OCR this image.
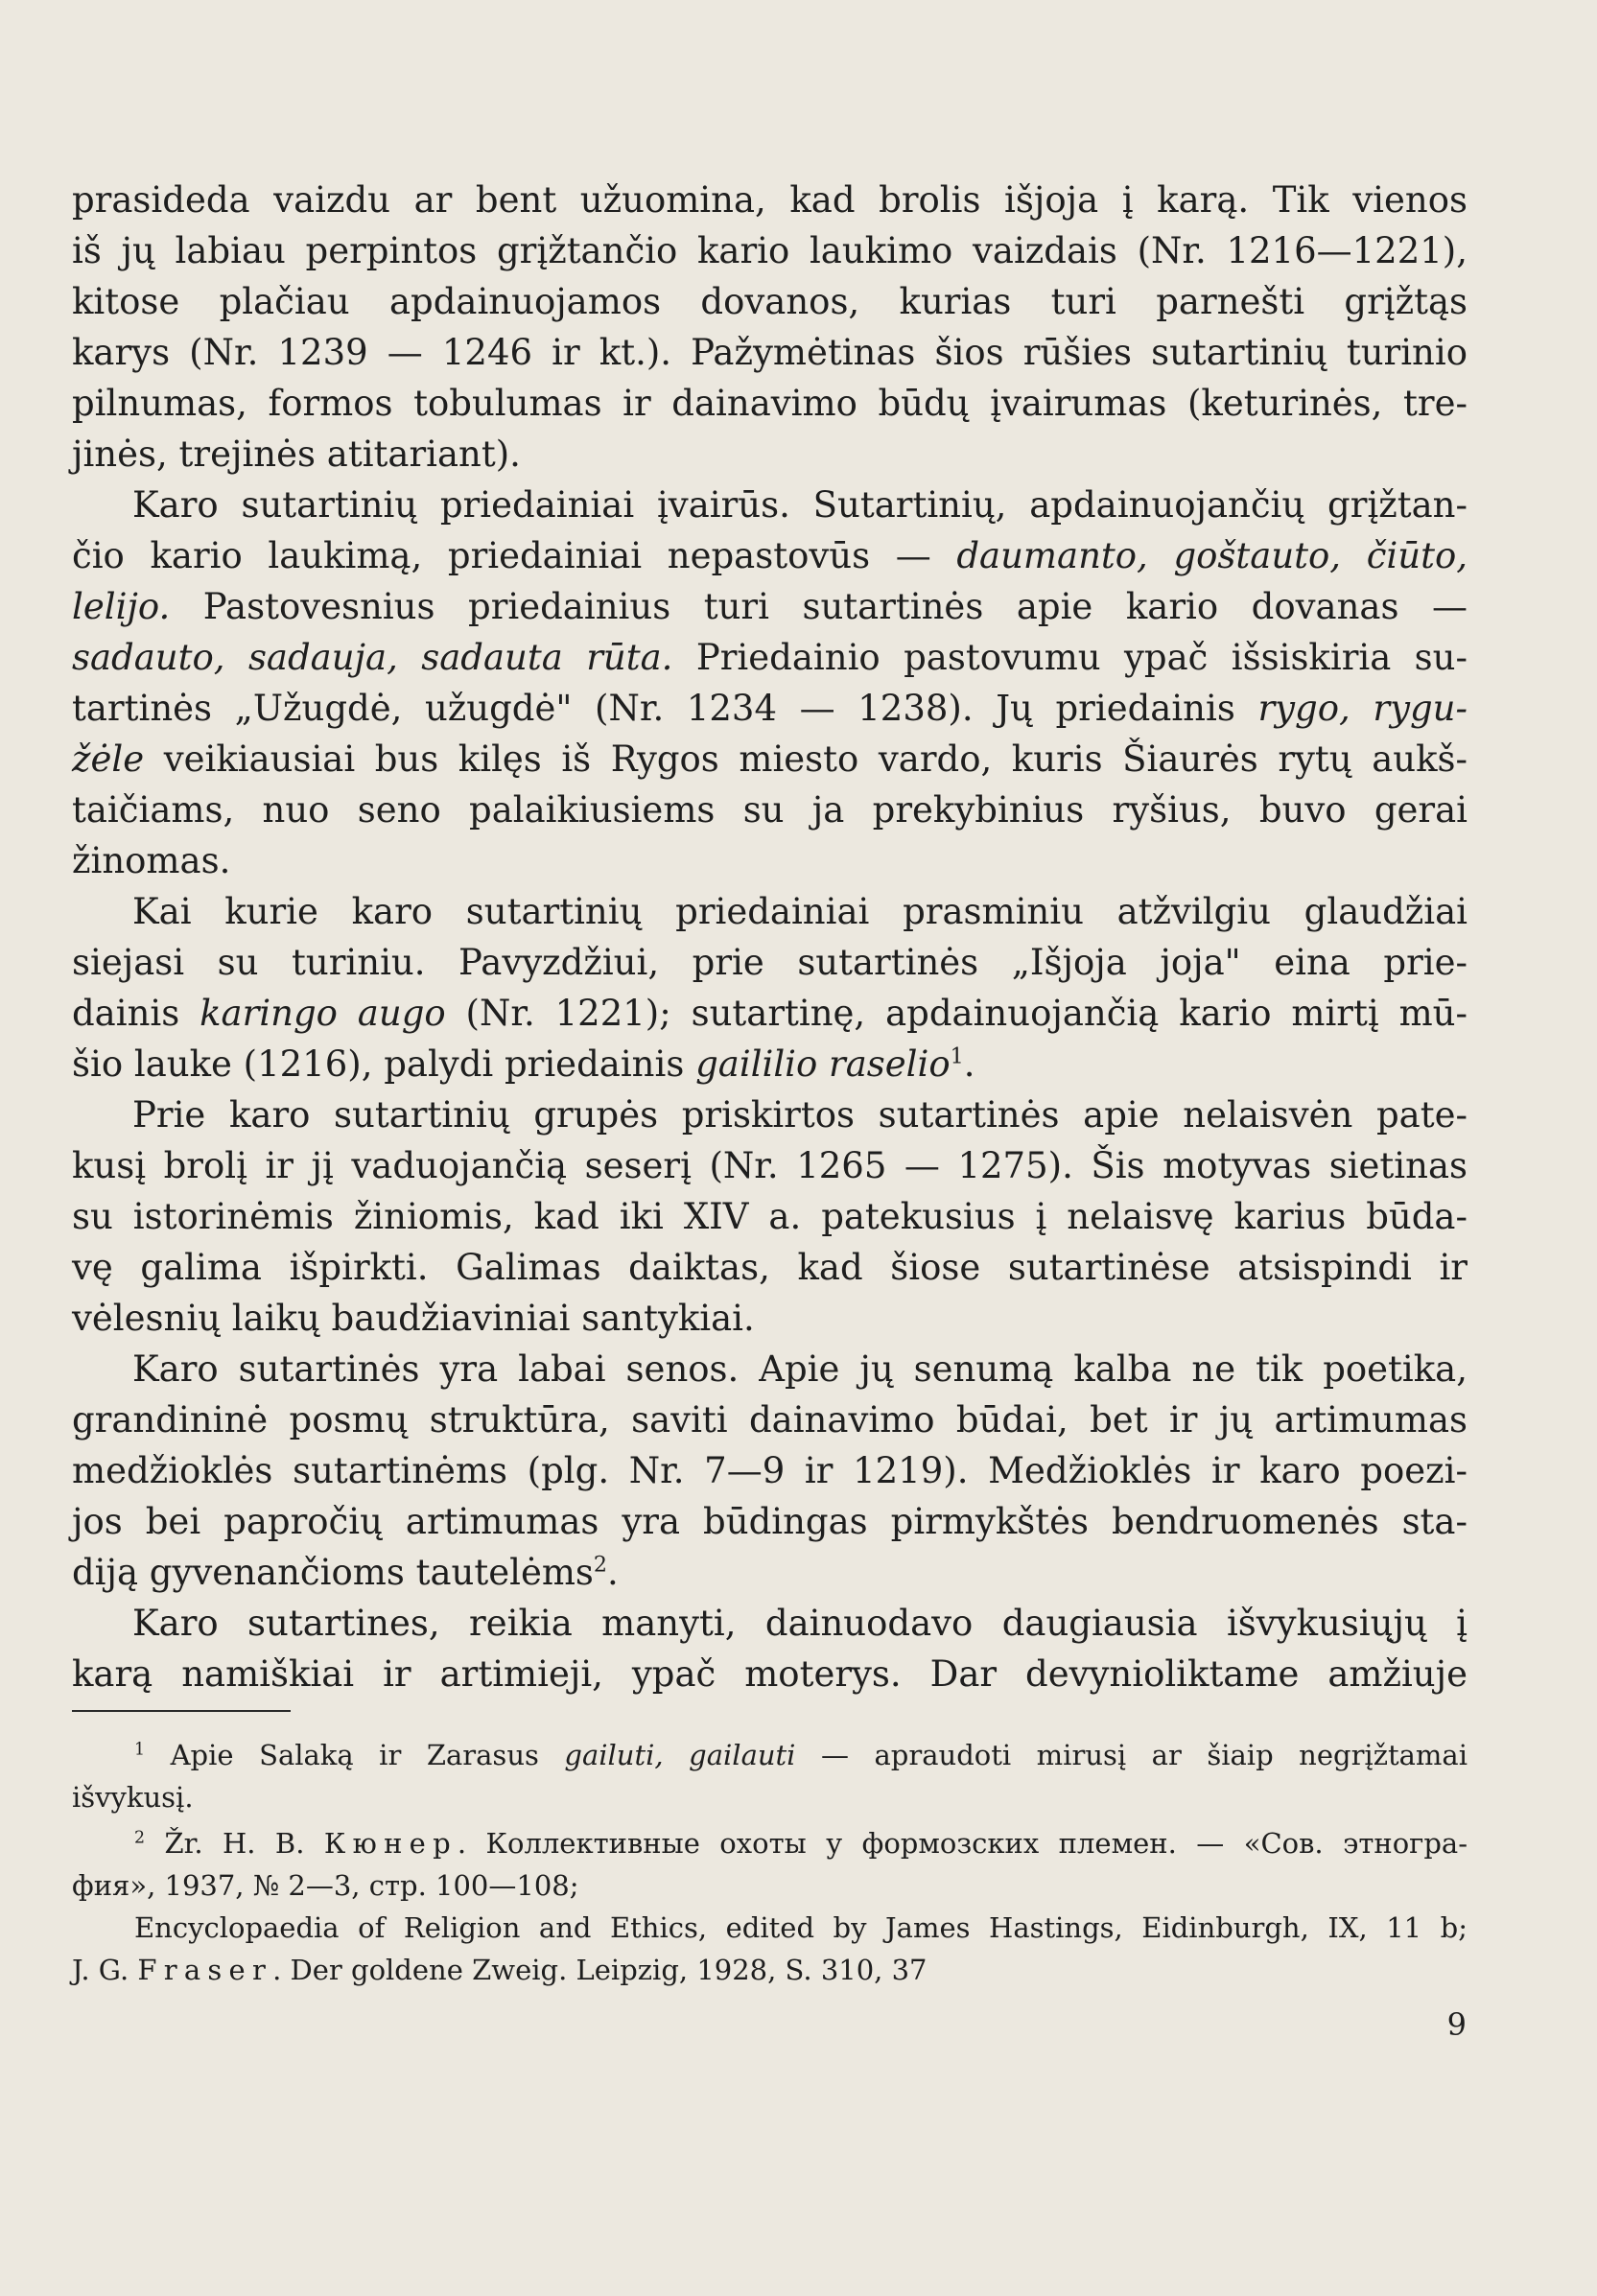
prasideda vaizdu ar bent užuomina, kad brolis išjoja į karą. Tik vienos
iš jų labiau perpintos grįžtančio kario laukimo vaizdais (Nr. 1216—1221),
kitose plačiau apdainuojamos dovanos, kurias turi parnešti grįžtąs
karys (Nr. 1239 — 1246 ir kt.). Pažymėtinas šios rūšies sutartinių turinio
pilnumas, formos tobulumas ir dainavimo būdų įvairumas (keturinės, tre-
jinės, trejinės atitariant).
Karo sutartinių priedainiai įvairūs. Sutartinių, apdainuojančių grįžtan-
čio kario laukimą, priedainiai nepastovūs — daumanto, goštauto, čiūto,
lelijo. Pastovesnius priedainius turi sutartinės apie kario dovanas —
sadauto, sadauja, sadauta rūta. Priedainio pastovumu ypač išsiskiria su-
tartinės „Užugdė, užugdė" (Nr. 1234 — 1238). Jų priedainis rygo, rygu-
žėle veikiausiai bus kilęs iš Rygos miesto vardo, kuris Šiaurės rytų aukš-
taičiams, nuo seno palaikiusiems su ja prekybinius ryšius, buvo gerai
žinomas.
Kai kurie karo sutartinių priedainiai prasminiu atžvilgiu glaudžiai
siejasi su turiniu. Pavyzdžiui, prie sutartinės „Išjoja joja" eina prie-
dainis karingo augo (Nr. 1221); sutartinę, apdainuojančią kario mirtį mū-
šio lauke (1216), palydi priedainis gaililio raselio$^1$.
Prie karo sutartinių grupės priskirtos sutartinės apie nelaisvėn pate-
kusį brolį ir jį vaduojančią seserį (Nr. 1265 — 1275). Šis motyvas sietinas
su istorinėmis žiniomis, kad iki XIV a. patekusius į nelaisvę karius būda-
vę galima išpirkti. Galimas daiktas, kad šiose sutartinėse atsispindi ir
vėlesnių laikų baudžiaviniai santykiai.
Karo sutartinės yra labai senos. Apie jų senumą kalba ne tik poetika,
grandininė posmų struktūra, saviti dainavimo būdai, bet ir jų artimumas
medžioklės sutartinėms (plg. Nr. 7—9 ir 1219). Medžioklės ir karo poezi-
jos bei papročių artimumas yra būdingas pirmykštės bendruomenės sta-
diją gyvenančioms tautelėms$^2$.
Karo sutartines, reikia manyti, dainuodavo daugiausia išvykusiųjų į
karą namiškiai ir artimieji, ypač moterys. Dar devynioliktame amžiuje
$^1$ Apie Salaką ir Zarasus gailuti, gailauti — apraudoti mirusį ar šiaip negrįžtamai
išvykusį.
$^2$ Žr. Н. В. Кюнер. Коллективные охоты у формозских племен. — «Сов. этногра-
фия», 1937, № 2—3, стр. 100—108;
Encyclopaedia of Religion and Ethics, edited by James Hastings, Eidinburgh, IX, 11 b;
J. G. Fraser. Der goldene Zweig. Leipzig, 1928, S. 310, 37
9
